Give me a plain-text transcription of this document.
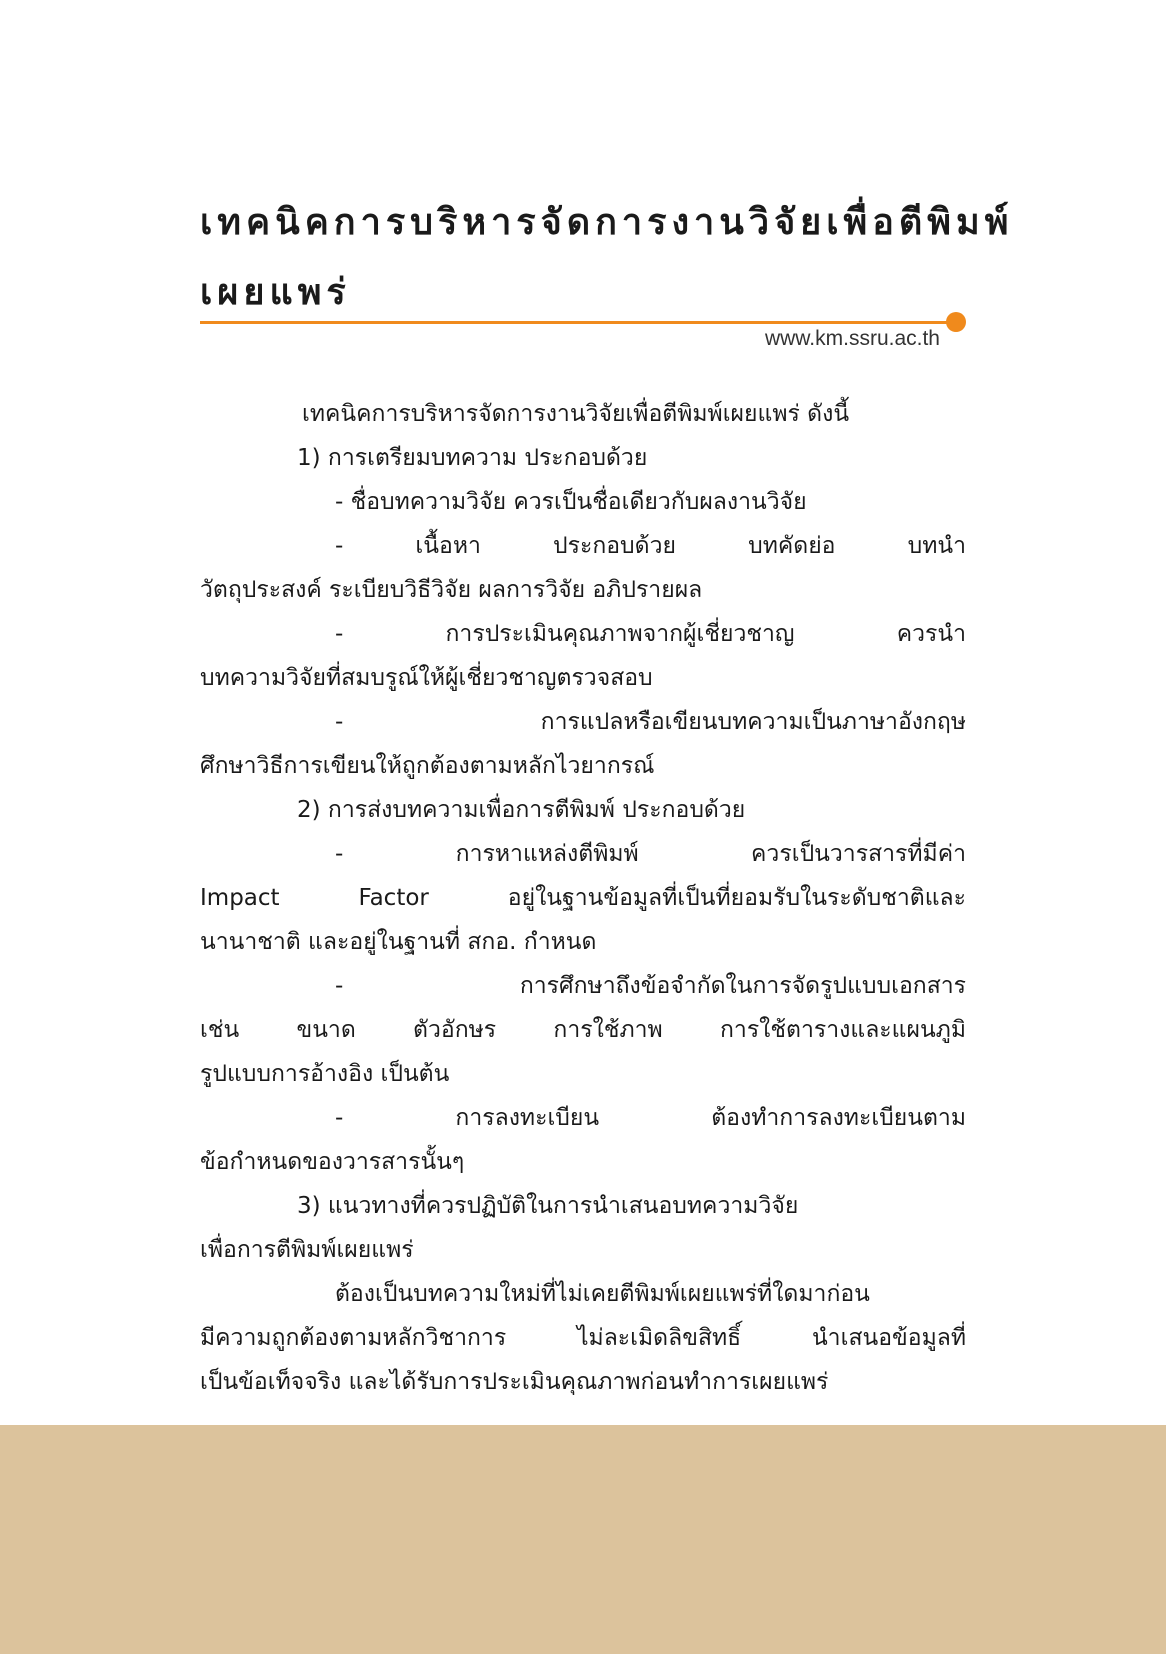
เทคนิคการบริหารจัดการงานวิจัยเพื่อตีพิมพ์
เผยแพร่
www.km.ssru.ac.th
เทคนิคการบริหารจัดการงานวิจัยเพื่อตีพิมพ์เผยแพร่ ดังนี้
1) การเตรียมบทความ ประกอบด้วย
- ชื่อบทความวิจัย ควรเป็นชื่อเดียวกับผลงานวิจัย
- เนื้อหา ประกอบด้วย บทคัดย่อ บทนำ
วัตถุประสงค์ ระเบียบวิธีวิจัย ผลการวิจัย อภิปรายผล
- การประเมินคุณภาพจากผู้เชี่ยวชาญ ควรนำ
บทความวิจัยที่สมบรูณ์ให้ผู้เชี่ยวชาญตรวจสอบ
- การแปลหรือเขียนบทความเป็นภาษาอังกฤษ
ศึกษาวิธีการเขียนให้ถูกต้องตามหลักไวยากรณ์
2) การส่งบทความเพื่อการตีพิมพ์ ประกอบด้วย
- การหาแหล่งตีพิมพ์ ควรเป็นวารสารที่มีค่า
Impact Factor อยู่ในฐานข้อมูลที่เป็นที่ยอมรับในระดับชาติและ
นานาชาติ และอยู่ในฐานที่ สกอ. กำหนด
- การศึกษาถึงข้อจำกัดในการจัดรูปแบบเอกสาร
เช่น ขนาด ตัวอักษร การใช้ภาพ การใช้ตารางและแผนภูมิ
รูปแบบการอ้างอิง เป็นต้น
- การลงทะเบียน ต้องทำการลงทะเบียนตาม
ข้อกำหนดของวารสารนั้นๆ
3) แนวทางที่ควรปฏิบัติในการนำเสนอบทความวิจัย
เพื่อการตีพิมพ์เผยแพร่
ต้องเป็นบทความใหม่ที่ไม่เคยตีพิมพ์เผยแพร่ที่ใดมาก่อน
มีความถูกต้องตามหลักวิชาการ ไม่ละเมิดลิขสิทธิ์ นำเสนอข้อมูลที่
เป็นข้อเท็จจริง และได้รับการประเมินคุณภาพก่อนทำการเผยแพร่
